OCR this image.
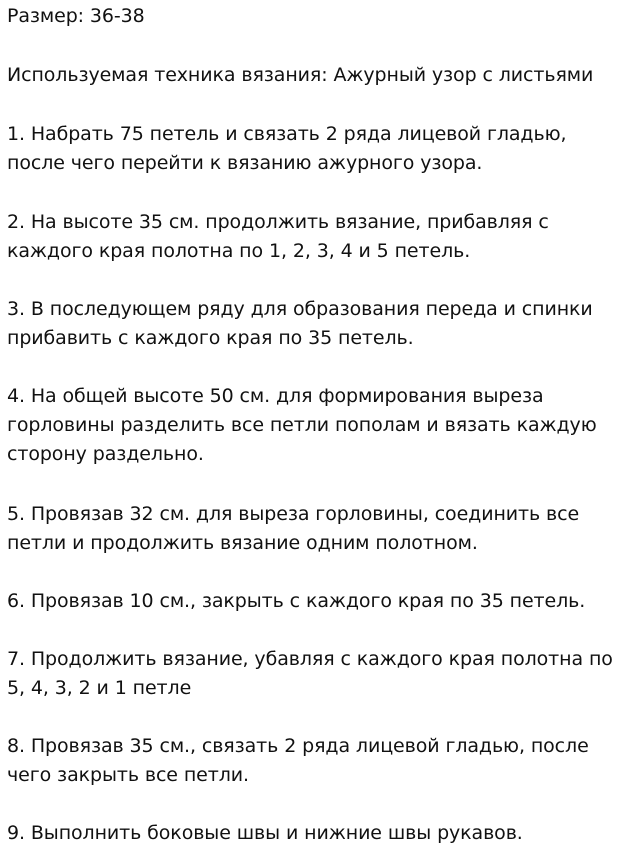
Размер: 36-38
Используемая техника вязания: Ажурный узор с листьями
1. Набрать 75 петель и связать 2 ряда лицевой гладью,
после чего перейти к вязанию ажурного узора.
2. На высоте 35 см. продолжить вязание, прибавляя с
каждого края полотна по 1, 2, 3, 4 и 5 петель.
3. В последующем ряду для образования переда и спинки
прибавить с каждого края по 35 петель.
4. На общей высоте 50 см. для формирования выреза
горловины разделить все петли пополам и вязать каждую
сторону раздельно.
5. Провязав 32 см. для выреза горловины, соединить все
петли и продолжить вязание одним полотном.
6. Провязав 10 см., закрыть с каждого края по 35 петель.
7. Продолжить вязание, убавляя с каждого края полотна по
5, 4, 3, 2 и 1 петле
8. Провязав 35 см., связать 2 ряда лицевой гладью, после
чего закрыть все петли.
9. Выполнить боковые швы и нижние швы рукавов.
